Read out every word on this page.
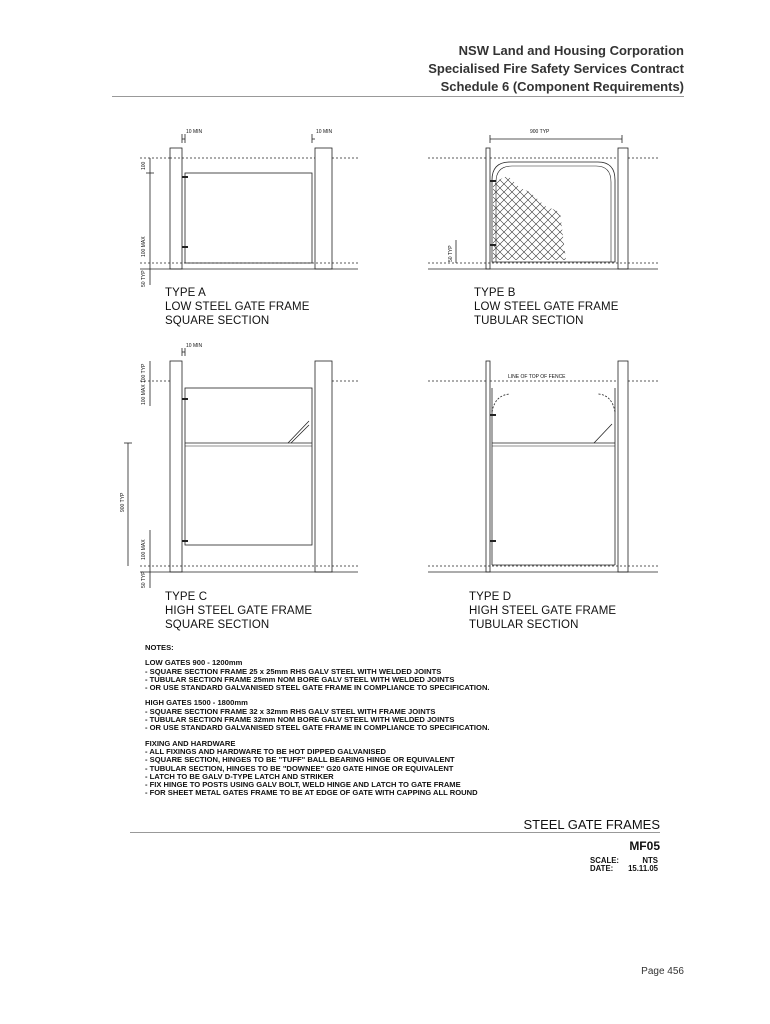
NSW Land and Housing Corporation
Specialised Fire Safety Services Contract
Schedule 6 (Component Requirements)
10 MIN	10 MIN
100
100 MAX
50 TYP
900 TYP
50 TYP
10 MIN
100 MAX
100 TYP
900 TYP
100 MAX
50 TYP
LINE OF TOP OF FENCE
TYPE A
LOW STEEL GATE FRAME
SQUARE SECTION
TYPE B
LOW STEEL GATE FRAME
TUBULAR SECTION
TYPE C
HIGH STEEL GATE FRAME
SQUARE SECTION
TYPE D
HIGH STEEL GATE FRAME
TUBULAR SECTION
NOTES:
LOW GATES 900 - 1200mm
- SQUARE SECTION FRAME 25 x 25mm RHS GALV STEEL WITH WELDED JOINTS
- TUBULAR SECTION FRAME 25mm NOM BORE GALV STEEL WITH WELDED JOINTS
- OR USE STANDARD GALVANISED STEEL GATE FRAME IN COMPLIANCE TO SPECIFICATION.
HIGH GATES 1500 - 1800mm
- SQUARE SECTION FRAME 32 x 32mm RHS GALV STEEL WITH FRAME JOINTS
- TUBULAR SECTION FRAME 32mm NOM BORE GALV STEEL WITH WELDED JOINTS
- OR USE STANDARD GALVANISED STEEL GATE FRAME IN COMPLIANCE TO SPECIFICATION.
FIXING AND HARDWARE
- ALL FIXINGS AND HARDWARE TO BE HOT DIPPED GALVANISED
- SQUARE SECTION, HINGES TO BE "TUFF" BALL BEARING HINGE OR EQUIVALENT
- TUBULAR SECTION, HINGES TO BE "DOWNEE" G20 GATE HINGE OR EQUIVALENT
- LATCH TO BE GALV D-TYPE LATCH AND STRIKER
- FIX HINGE TO POSTS USING GALV BOLT, WELD HINGE AND LATCH TO GATE FRAME
- FOR SHEET METAL GATES FRAME TO BE AT EDGE OF GATE WITH CAPPING ALL ROUND
STEEL GATE FRAMES
MF05
SCALE:	NTS
DATE: 15.11.05
Page 456
